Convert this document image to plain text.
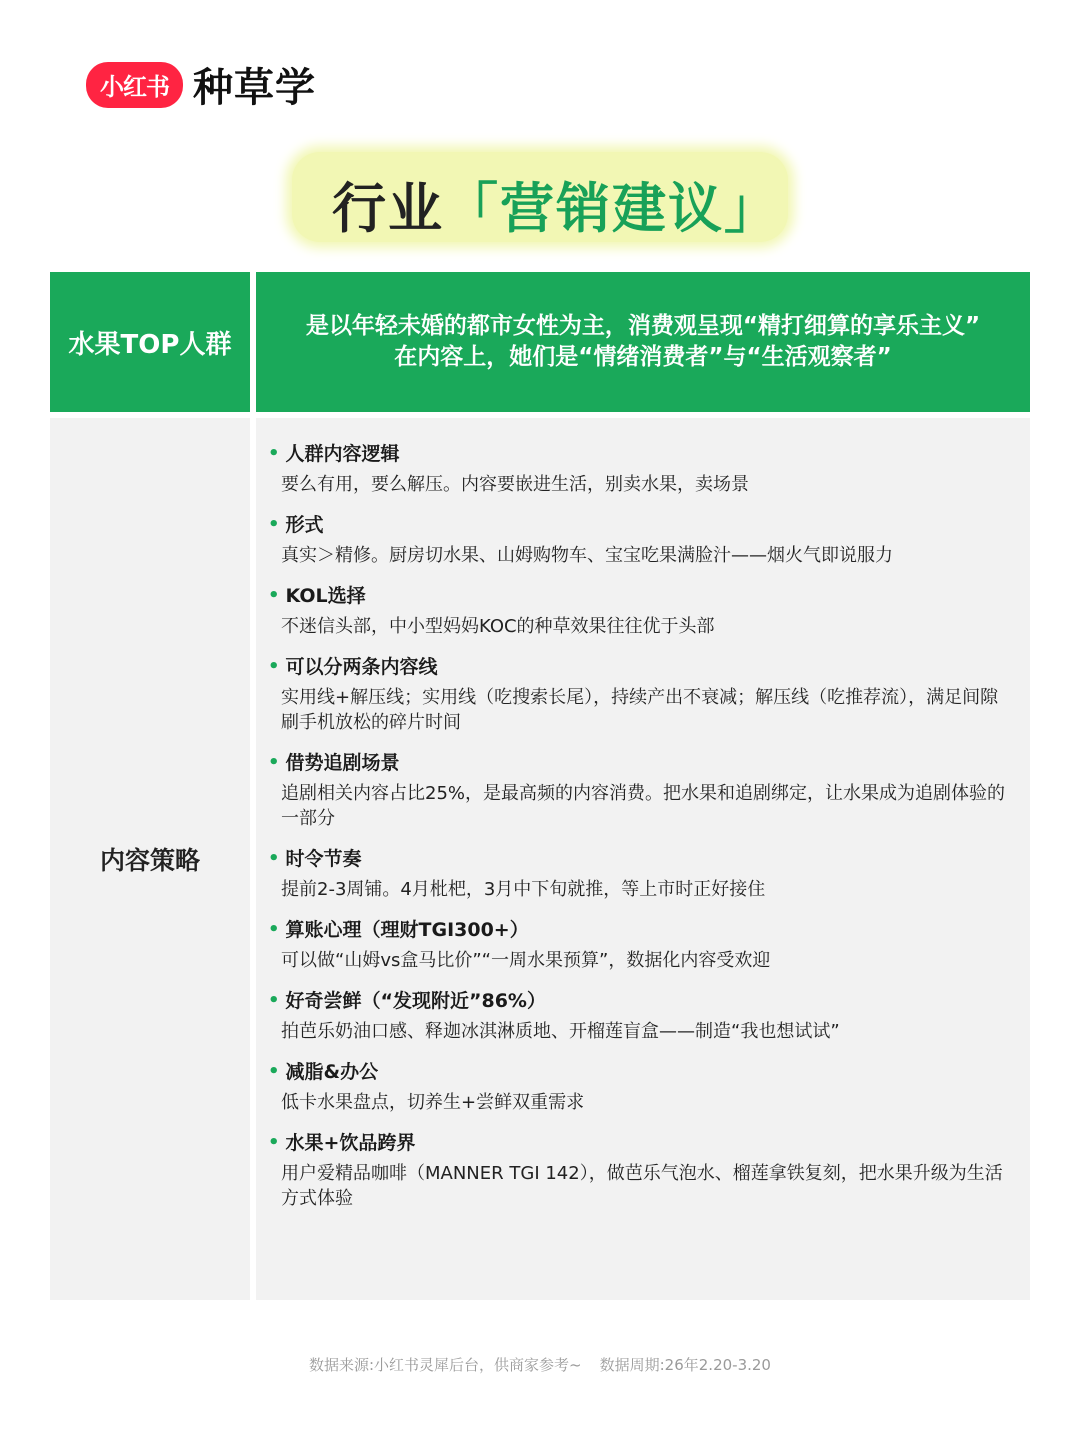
小红书 种草学
行业「营销建议」
水果TOP人群
是以年轻未婚的都市女性为主，消费观呈现“精打细算的享乐主义”
在内容上，她们是“情绪消费者”与“生活观察者”
内容策略
• 人群内容逻辑
要么有用，要么解压。内容要嵌进生活，别卖水果，卖场景
• 形式
真实＞精修。厨房切水果、山姆购物车、宝宝吃果满脸汁——烟火气即说服力
• KOL选择
不迷信头部，中小型妈妈KOC的种草效果往往优于头部
• 可以分两条内容线
实用线+解压线；实用线（吃搜索长尾），持续产出不衰减；解压线（吃推荐流），满足间隙刷手机放松的碎片时间
• 借势追剧场景
追剧相关内容占比25%，是最高频的内容消费。把水果和追剧绑定，让水果成为追剧体验的一部分
• 时令节奏
提前2-3周铺。4月枇杷，3月中下旬就推，等上市时正好接住
• 算账心理（理财TGI300+）
可以做“山姆vs盒马比价”“一周水果预算”，数据化内容受欢迎
• 好奇尝鲜（“发现附近”86%）
拍芭乐奶油口感、释迦冰淇淋质地、开榴莲盲盒——制造“我也想试试”
• 减脂&办公
低卡水果盘点，切养生+尝鲜双重需求
• 水果+饮品跨界
用户爱精品咖啡（MANNER TGI 142），做芭乐气泡水、榴莲拿铁复刻，把水果升级为生活方式体验
数据来源:小红书灵犀后台，供商家参考~ 数据周期:26年2.20-3.20
